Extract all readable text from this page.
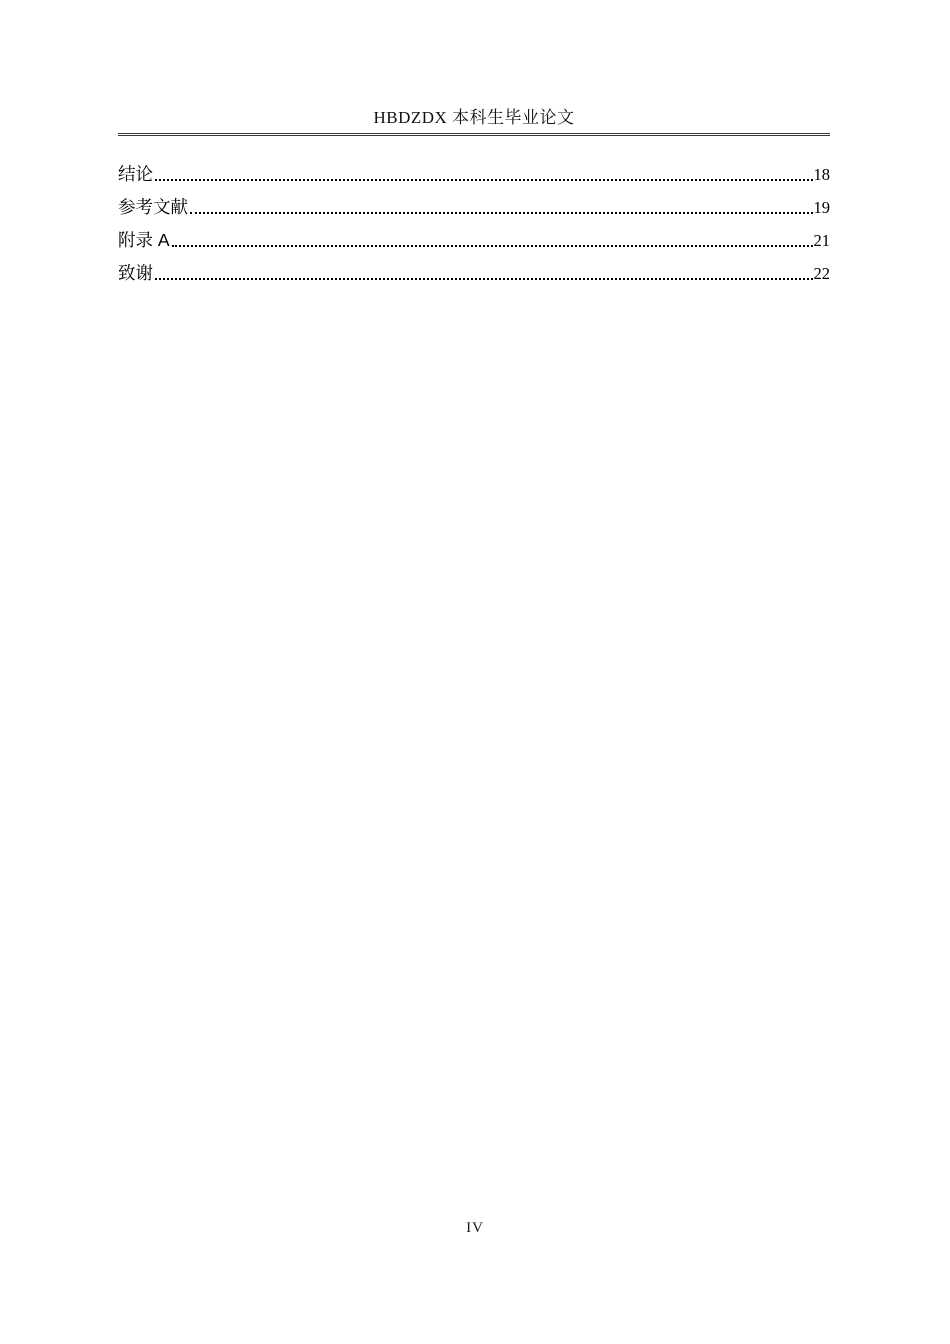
HBDZDX 本科生毕业论文
结论	18
参考文献	19
附录 A	21
致谢	22
IV
